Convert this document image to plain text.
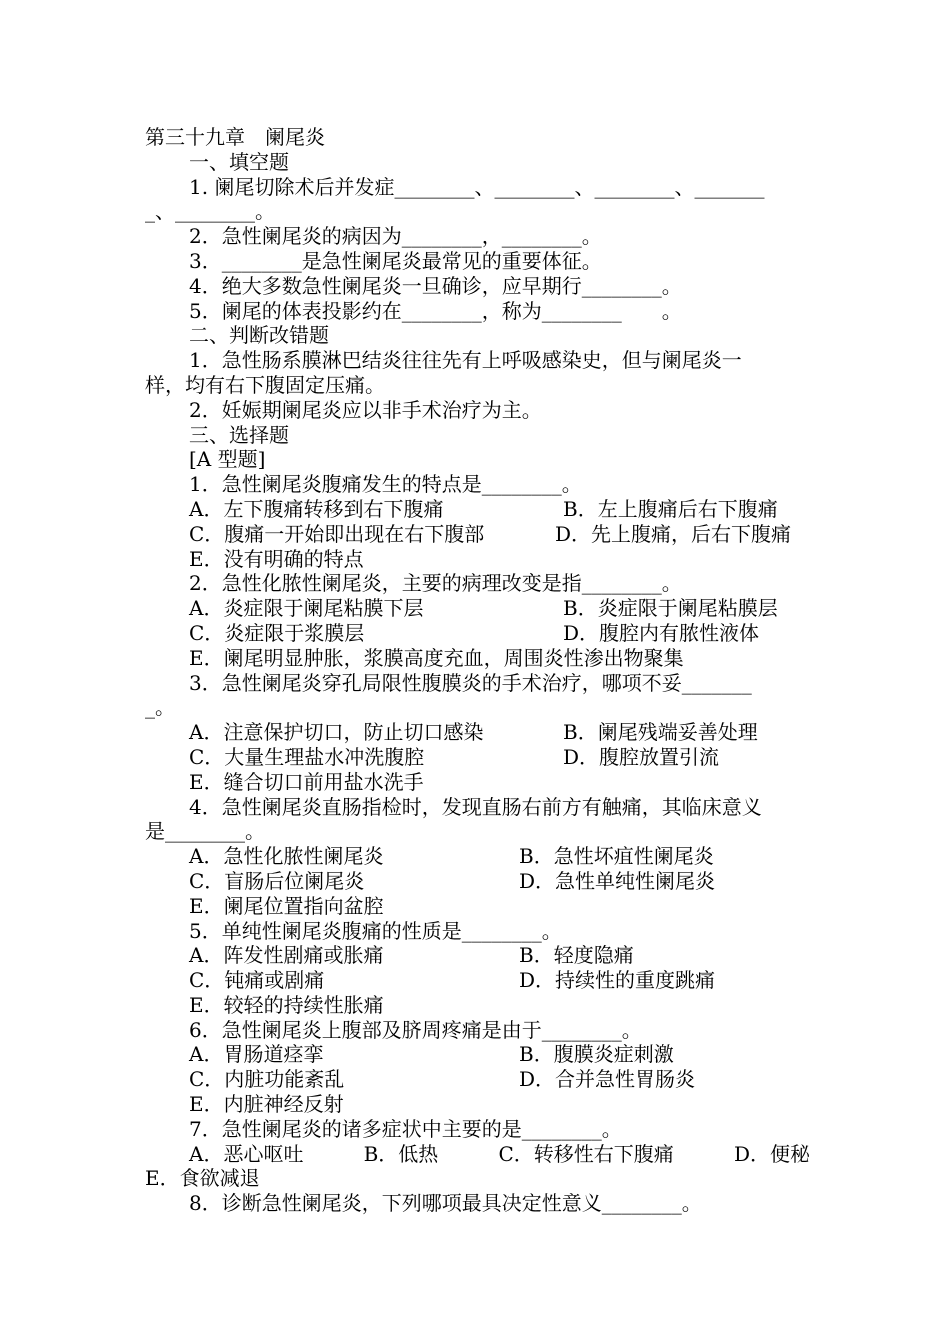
第三十九章　阑尾炎
一、填空题
1. 阑尾切除术后并发症________、________、________、_______
_、________。
2．急性阑尾炎的病因为________，________。
3．________是急性阑尾炎最常见的重要体征。
4．绝大多数急性阑尾炎一旦确诊，应早期行________。
5．阑尾的体表投影约在________，称为________　　。
二、判断改错题
1．急性肠系膜淋巴结炎往往先有上呼吸感染史，但与阑尾炎一
样，均有右下腹固定压痛。
2．妊娠期阑尾炎应以非手术治疗为主。
三、选择题
[A 型题]
1．急性阑尾炎腹痛发生的特点是________。
A．左下腹痛转移到右下腹痛	B．左上腹痛后右下腹痛
C．腹痛一开始即出现在右下腹部	D．先上腹痛，后右下腹痛
E．没有明确的特点
2．急性化脓性阑尾炎，主要的病理改变是指________。
A．炎症限于阑尾粘膜下层	B．炎症限于阑尾粘膜层
C．炎症限于浆膜层	D．腹腔内有脓性液体
E．阑尾明显肿胀，浆膜高度充血，周围炎性渗出物聚集
3．急性阑尾炎穿孔局限性腹膜炎的手术治疗，哪项不妥_______
_。
A．注意保护切口，防止切口感染	B．阑尾残端妥善处理
C．大量生理盐水冲洗腹腔	D．腹腔放置引流
E．缝合切口前用盐水洗手
4．急性阑尾炎直肠指检时，发现直肠右前方有触痛，其临床意义
是________。
A．急性化脓性阑尾炎	B．急性坏疽性阑尾炎
C．盲肠后位阑尾炎	D．急性单纯性阑尾炎
E．阑尾位置指向盆腔
5．单纯性阑尾炎腹痛的性质是________。
A．阵发性剧痛或胀痛	B．轻度隐痛
C．钝痛或剧痛	D．持续性的重度跳痛
E．较轻的持续性胀痛
6．急性阑尾炎上腹部及脐周疼痛是由于________。
A．胃肠道痉挛	B．腹膜炎症刺激
C．内脏功能紊乱	D．合并急性胃肠炎
E．内脏神经反射
7．急性阑尾炎的诸多症状中主要的是________。
A．恶心呕吐	B．低热	C．转移性右下腹痛	D．便秘
E．食欲减退
8．诊断急性阑尾炎，下列哪项最具决定性意义________。
